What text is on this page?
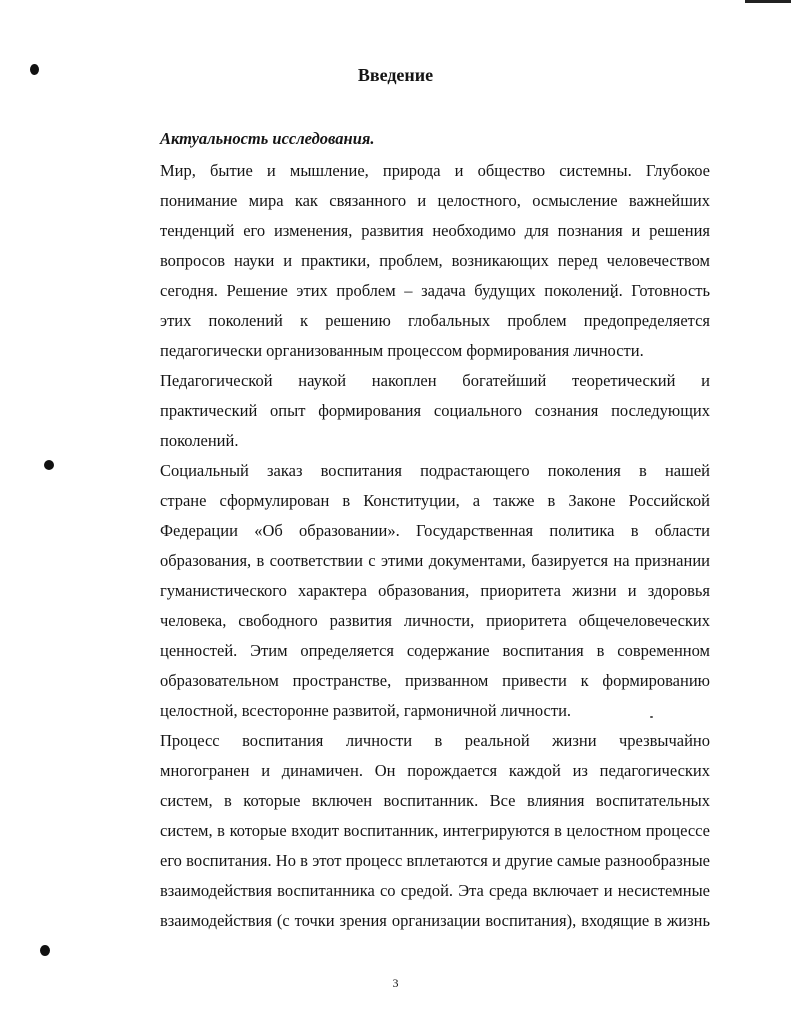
Введение
Актуальность исследования.

Мир, бытие и мышление, природа и общество системны. Глубокое
понимание мира как связанного и целостного, осмысление важнейших
тенденций его изменения, развития необходимо для познания и решения
вопросов науки и практики, проблем, возникающих перед человечеством
сегодня. Решение этих проблем – задача будущих поколений. Готовность
этих поколений к решению глобальных проблем предопределяется
педагогически организованным процессом формирования личности.

Педагогической наукой накоплен богатейший теоретический и
практический опыт формирования социального сознания последующих
поколений.

Социальный заказ воспитания подрастающего поколения в нашей
стране сформулирован в Конституции, а также в Законе Российской
Федерации «Об образовании». Государственная политика в области
образования, в соответствии с этими документами, базируется на признании
гуманистического характера образования, приоритета жизни и здоровья
человека, свободного развития личности, приоритета общечеловеческих
ценностей. Этим определяется содержание воспитания в современном
образовательном пространстве, призванном привести к формированию
целостной, всесторонне развитой, гармоничной личности.

Процесс воспитания личности в реальной жизни чрезвычайно
многогранен и динамичен. Он порождается каждой из педагогических
систем, в которые включен воспитанник. Все влияния воспитательных
систем, в которые входит воспитанник, интегрируются в целостном процессе
его воспитания. Но в этот процесс вплетаются и другие самые разнообразные
взаимодействия воспитанника со средой. Эта среда включает и несистемные
взаимодействия (с точки зрения организации воспитания), входящие в жизнь

3
